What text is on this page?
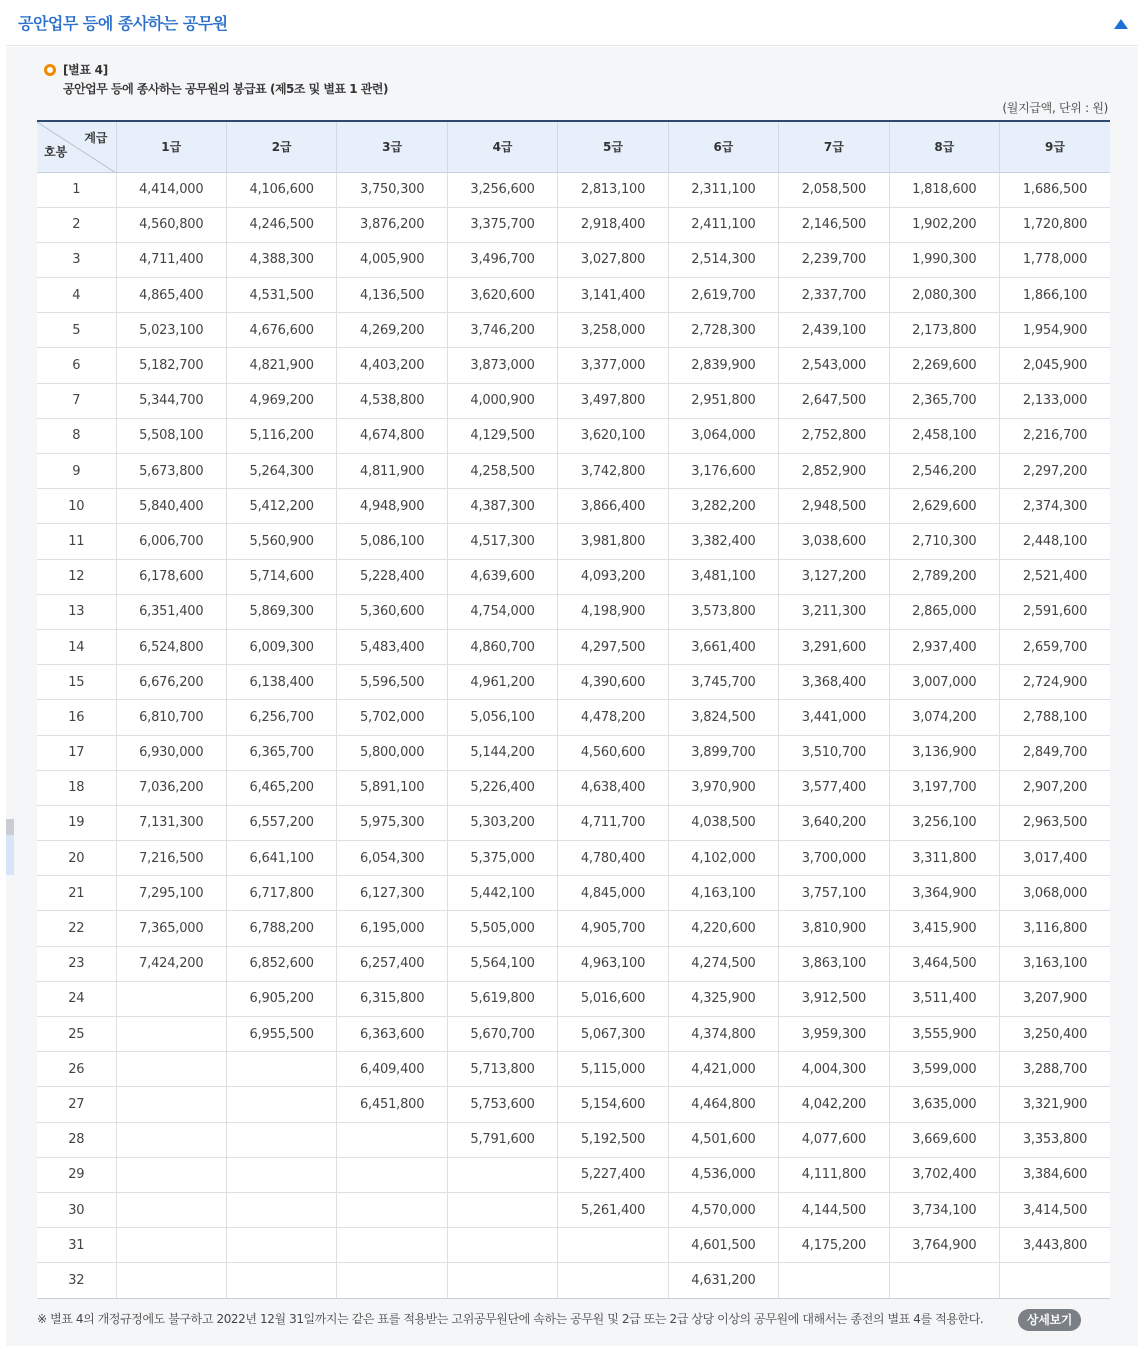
공안업무 등에 종사하는 공무원
[별표 4]
공안업무 등에 종사하는 공무원의 봉급표 (제5조 및 별표 1 관련)
(월지급액, 단위 : 원)
계급
호봉	1급	2급	3급	4급	5급	6급	7급	8급	9급
1	4,414,000	4,106,600	3,750,300	3,256,600	2,813,100	2,311,100	2,058,500	1,818,600	1,686,500
2	4,560,800	4,246,500	3,876,200	3,375,700	2,918,400	2,411,100	2,146,500	1,902,200	1,720,800
3	4,711,400	4,388,300	4,005,900	3,496,700	3,027,800	2,514,300	2,239,700	1,990,300	1,778,000
4	4,865,400	4,531,500	4,136,500	3,620,600	3,141,400	2,619,700	2,337,700	2,080,300	1,866,100
5	5,023,100	4,676,600	4,269,200	3,746,200	3,258,000	2,728,300	2,439,100	2,173,800	1,954,900
6	5,182,700	4,821,900	4,403,200	3,873,000	3,377,000	2,839,900	2,543,000	2,269,600	2,045,900
7	5,344,700	4,969,200	4,538,800	4,000,900	3,497,800	2,951,800	2,647,500	2,365,700	2,133,000
8	5,508,100	5,116,200	4,674,800	4,129,500	3,620,100	3,064,000	2,752,800	2,458,100	2,216,700
9	5,673,800	5,264,300	4,811,900	4,258,500	3,742,800	3,176,600	2,852,900	2,546,200	2,297,200
10	5,840,400	5,412,200	4,948,900	4,387,300	3,866,400	3,282,200	2,948,500	2,629,600	2,374,300
11	6,006,700	5,560,900	5,086,100	4,517,300	3,981,800	3,382,400	3,038,600	2,710,300	2,448,100
12	6,178,600	5,714,600	5,228,400	4,639,600	4,093,200	3,481,100	3,127,200	2,789,200	2,521,400
13	6,351,400	5,869,300	5,360,600	4,754,000	4,198,900	3,573,800	3,211,300	2,865,000	2,591,600
14	6,524,800	6,009,300	5,483,400	4,860,700	4,297,500	3,661,400	3,291,600	2,937,400	2,659,700
15	6,676,200	6,138,400	5,596,500	4,961,200	4,390,600	3,745,700	3,368,400	3,007,000	2,724,900
16	6,810,700	6,256,700	5,702,000	5,056,100	4,478,200	3,824,500	3,441,000	3,074,200	2,788,100
17	6,930,000	6,365,700	5,800,000	5,144,200	4,560,600	3,899,700	3,510,700	3,136,900	2,849,700
18	7,036,200	6,465,200	5,891,100	5,226,400	4,638,400	3,970,900	3,577,400	3,197,700	2,907,200
19	7,131,300	6,557,200	5,975,300	5,303,200	4,711,700	4,038,500	3,640,200	3,256,100	2,963,500
20	7,216,500	6,641,100	6,054,300	5,375,000	4,780,400	4,102,000	3,700,000	3,311,800	3,017,400
21	7,295,100	6,717,800	6,127,300	5,442,100	4,845,000	4,163,100	3,757,100	3,364,900	3,068,000
22	7,365,000	6,788,200	6,195,000	5,505,000	4,905,700	4,220,600	3,810,900	3,415,900	3,116,800
23	7,424,200	6,852,600	6,257,400	5,564,100	4,963,100	4,274,500	3,863,100	3,464,500	3,163,100
24		6,905,200	6,315,800	5,619,800	5,016,600	4,325,900	3,912,500	3,511,400	3,207,900
25		6,955,500	6,363,600	5,670,700	5,067,300	4,374,800	3,959,300	3,555,900	3,250,400
26			6,409,400	5,713,800	5,115,000	4,421,000	4,004,300	3,599,000	3,288,700
27			6,451,800	5,753,600	5,154,600	4,464,800	4,042,200	3,635,000	3,321,900
28				5,791,600	5,192,500	4,501,600	4,077,600	3,669,600	3,353,800
29					5,227,400	4,536,000	4,111,800	3,702,400	3,384,600
30					5,261,400	4,570,000	4,144,500	3,734,100	3,414,500
31						4,601,500	4,175,200	3,764,900	3,443,800
32						4,631,200			
※ 별표 4의 개정규정에도 불구하고 2022년 12월 31일까지는 같은 표를 적용받는 고위공무원단에 속하는 공무원 및 2급 또는 2급 상당 이상의 공무원에 대해서는 종전의 별표 4를 적용한다.	상세보기
